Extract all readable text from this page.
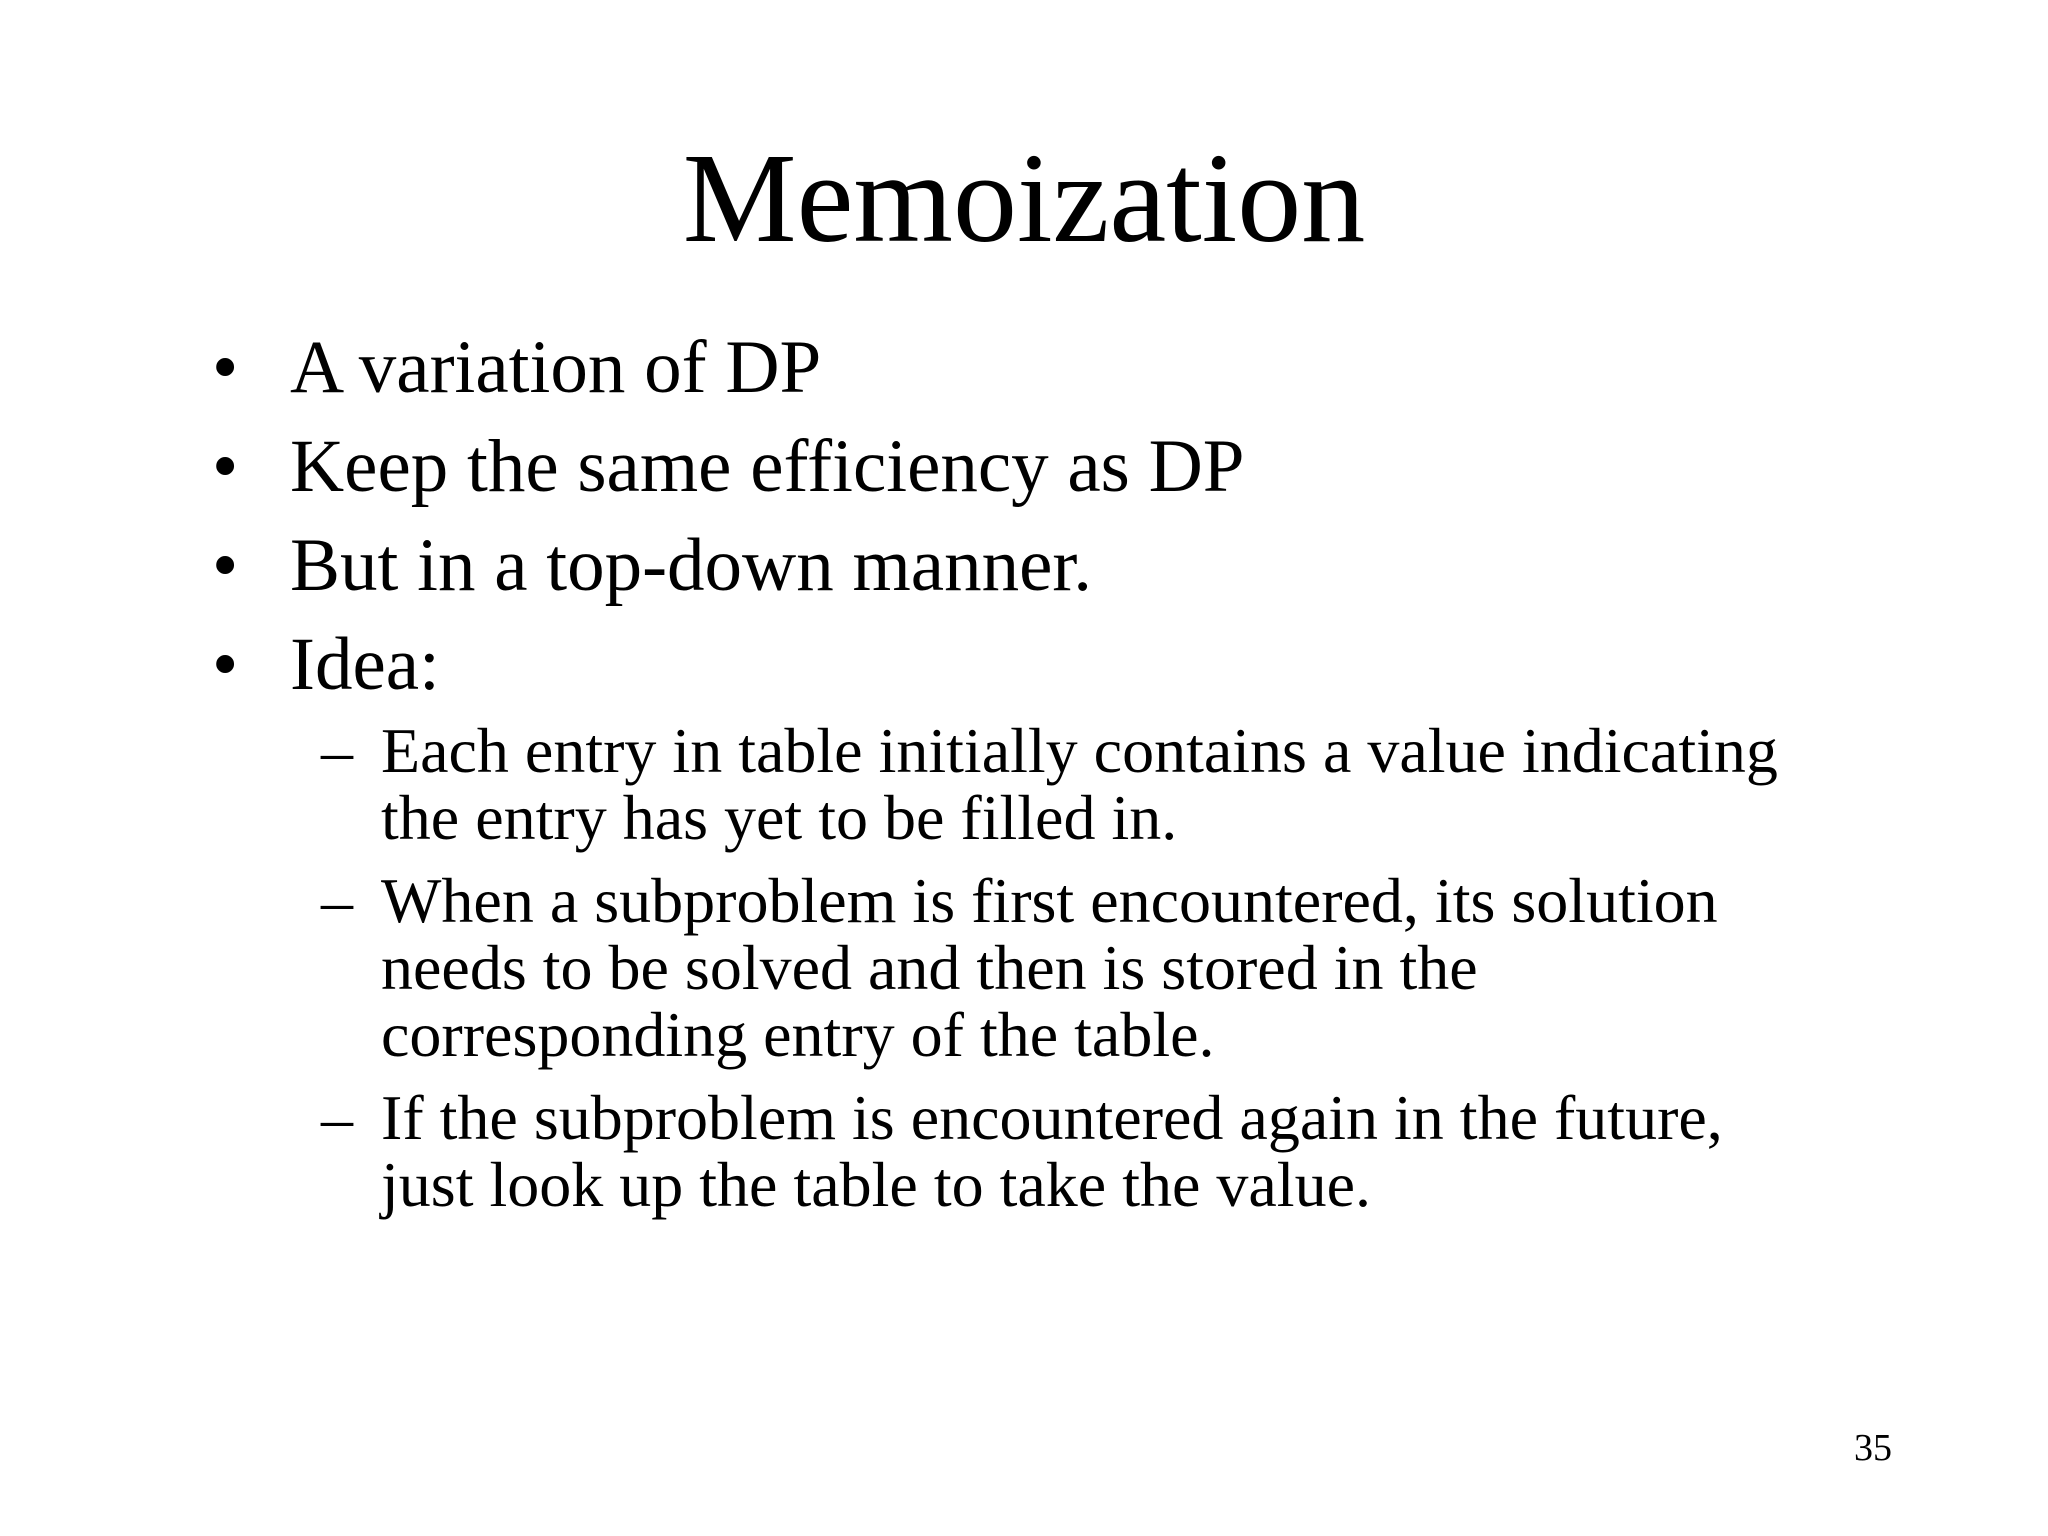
Memoization
• A variation of DP
• Keep the same efficiency as DP
• But in a top-down manner.
• Idea:
– Each entry in table initially contains a value indicating
the entry has yet to be filled in.
– When a subproblem is first encountered, its solution
needs to be solved and then is stored in the
corresponding entry of the table.
– If the subproblem is encountered again in the future,
just look up the table to take the value.
35
